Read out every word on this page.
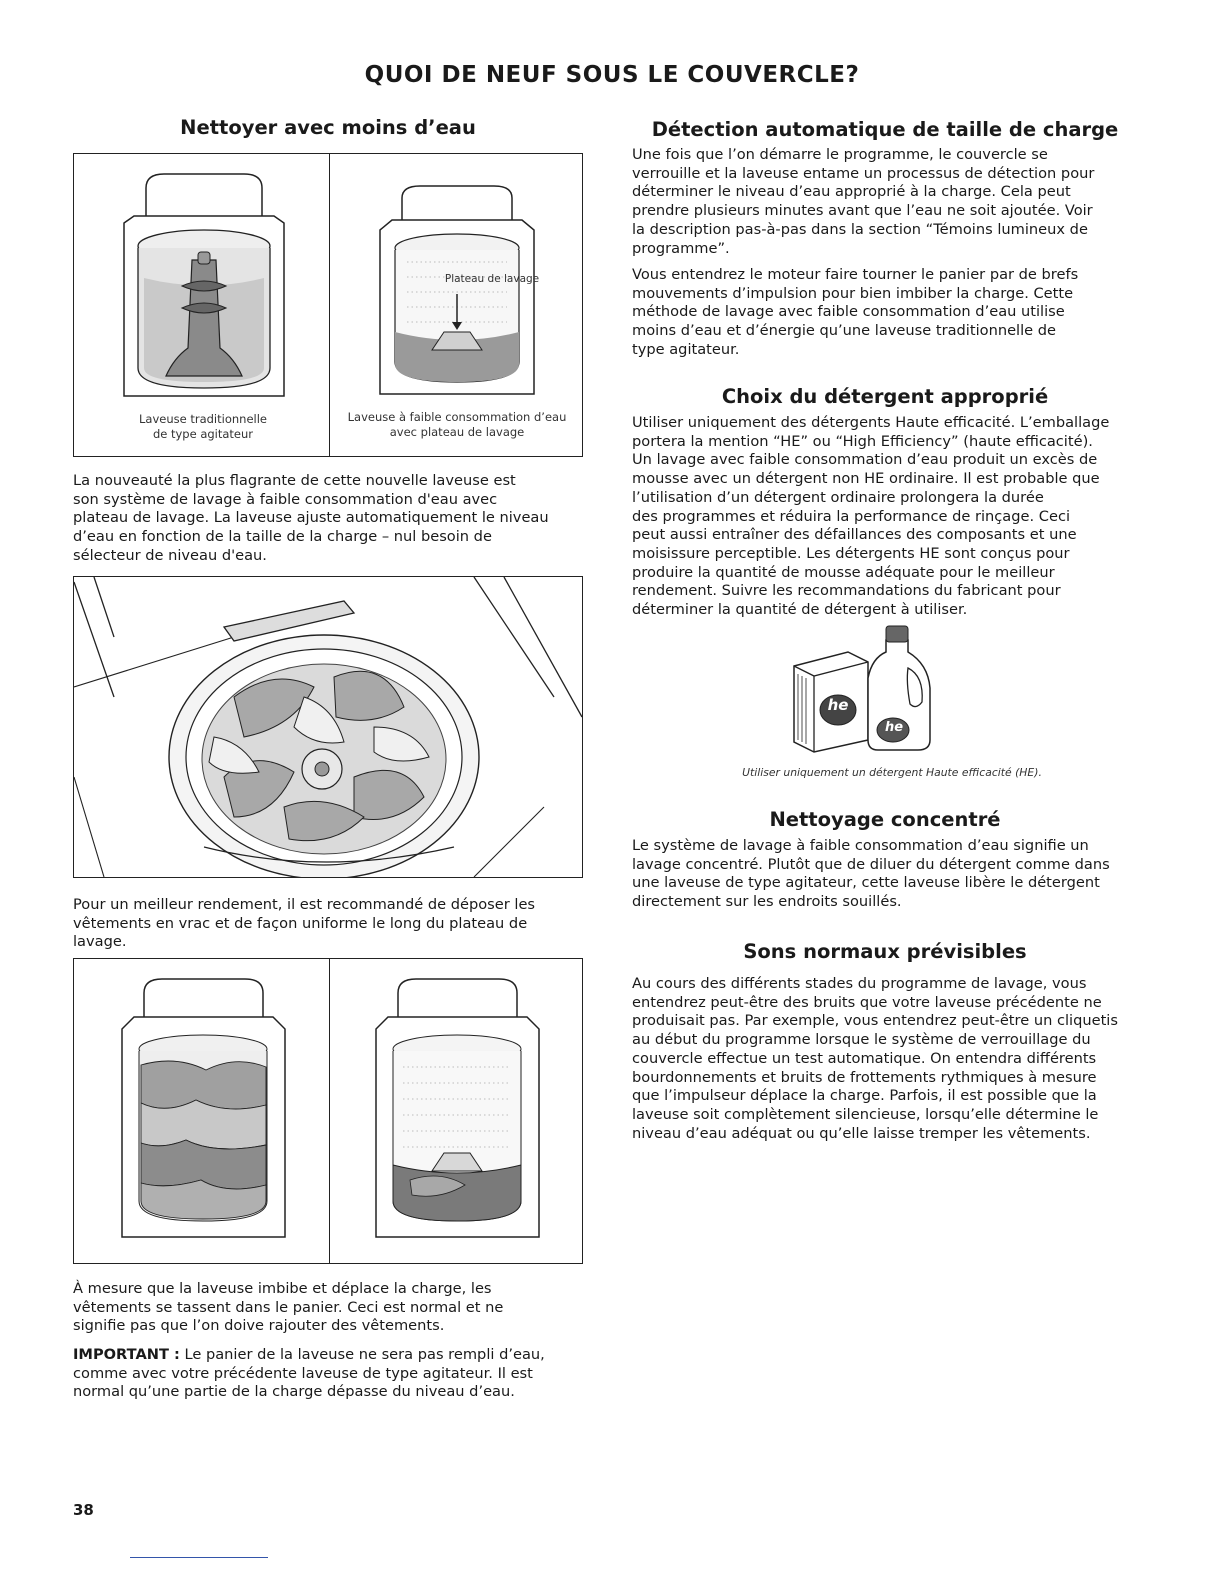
QUOI DE NEUF SOUS LE COUVERCLE?
Nettoyer avec moins d’eau
Plateau de lavage
Laveuse traditionnelle
de type agitateur
Laveuse à faible consommation d’eau
avec plateau de lavage
La nouveauté la plus flagrante de cette nouvelle laveuse est
son système de lavage à faible consommation d'eau avec
plateau de lavage. La laveuse ajuste automatiquement le niveau
d’eau en fonction de la taille de la charge – nul besoin de
sélecteur de niveau d'eau.
Pour un meilleur rendement, il est recommandé de déposer les
vêtements en vrac et de façon uniforme le long du plateau de
lavage.
À mesure que la laveuse imbibe et déplace la charge, les
vêtements se tassent dans le panier. Ceci est normal et ne
signifie pas que l’on doive rajouter des vêtements.
IMPORTANT : Le panier de la laveuse ne sera pas rempli d’eau,
comme avec votre précédente laveuse de type agitateur. Il est
normal qu’une partie de la charge dépasse du niveau d’eau.
Détection automatique de taille de charge
Une fois que l’on démarre le programme, le couvercle se
verrouille et la laveuse entame un processus de détection pour
déterminer le niveau d’eau approprié à la charge. Cela peut
prendre plusieurs minutes avant que l’eau ne soit ajoutée. Voir
la description pas-à-pas dans la section “Témoins lumineux de
programme”.
Vous entendrez le moteur faire tourner le panier par de brefs
mouvements d’impulsion pour bien imbiber la charge. Cette
méthode de lavage avec faible consommation d’eau utilise
moins d’eau et d’énergie qu’une laveuse traditionnelle de
type agitateur.
Choix du détergent approprié
Utiliser uniquement des détergents Haute efficacité. L’emballage
portera la mention “HE” ou “High Efficiency” (haute efficacité).
Un lavage avec faible consommation d’eau produit un excès de
mousse avec un détergent non HE ordinaire. Il est probable que
l’utilisation d’un détergent ordinaire prolongera la durée
des programmes et réduira la performance de rinçage. Ceci
peut aussi entraîner des défaillances des composants et une
moisissure perceptible. Les détergents HE sont conçus pour
produire la quantité de mousse adéquate pour le meilleur
rendement. Suivre les recommandations du fabricant pour
déterminer la quantité de détergent à utiliser.
he
he
Utiliser uniquement un détergent Haute efficacité (HE).
Nettoyage concentré
Le système de lavage à faible consommation d’eau signifie un
lavage concentré. Plutôt que de diluer du détergent comme dans
une laveuse de type agitateur, cette laveuse libère le détergent
directement sur les endroits souillés.
Sons normaux prévisibles
Au cours des différents stades du programme de lavage, vous
entendrez peut-être des bruits que votre laveuse précédente ne
produisait pas. Par exemple, vous entendrez peut-être un cliquetis
au début du programme lorsque le système de verrouillage du
couvercle effectue un test automatique. On entendra différents
bourdonnements et bruits de frottements rythmiques à mesure
que l’impulseur déplace la charge. Parfois, il est possible que la
laveuse soit complètement silencieuse, lorsqu’elle détermine le
niveau d’eau adéquat ou qu’elle laisse tremper les vêtements.
38
